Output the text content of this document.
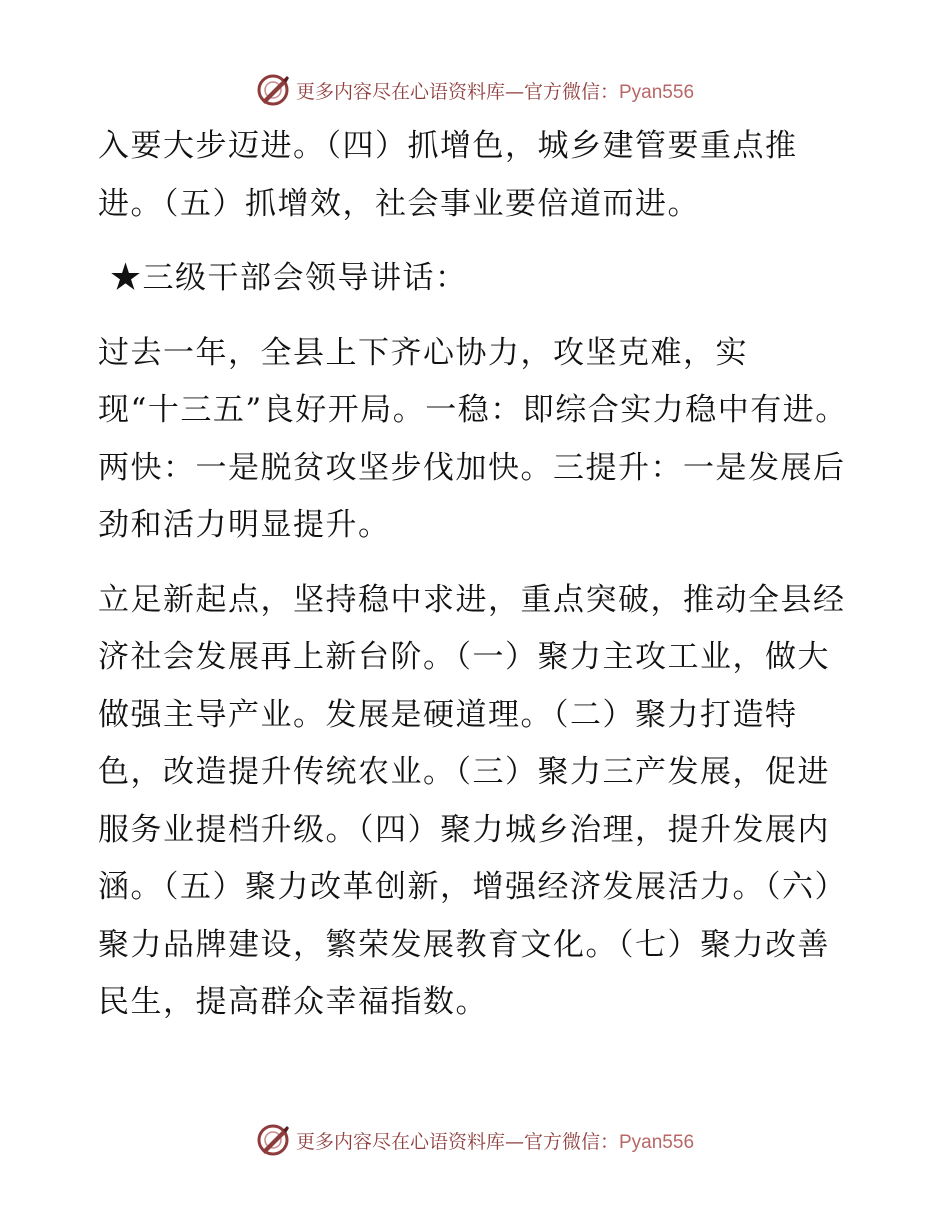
更多内容尽在心语资料库—官方微信：Pyan556

入要大步迈进。（四）抓增色，城乡建管要重点推进。（五）抓增效，社会事业要倍道而进。

★三级干部会领导讲话：

过去一年，全县上下齐心协力，攻坚克难，实
现“十三五”良好开局。一稳：即综合实力稳中有进。两快：一是脱贫攻坚步伐加快。三提升：一是发展后劲和活力明显提升。

立足新起点，坚持稳中求进，重点突破，推动全县经济社会发展再上新台阶。（一）聚力主攻工业，做大做强主导产业。发展是硬道理。（二）聚力打造特色，改造提升传统农业。（三）聚力三产发展，促进服务业提档升级。（四）聚力城乡治理，提升发展内涵。（五）聚力改革创新，增强经济发展活力。（六）聚力品牌建设，繁荣发展教育文化。（七）聚力改善民生，提高群众幸福指数。

更多内容尽在心语资料库—官方微信：Pyan556
